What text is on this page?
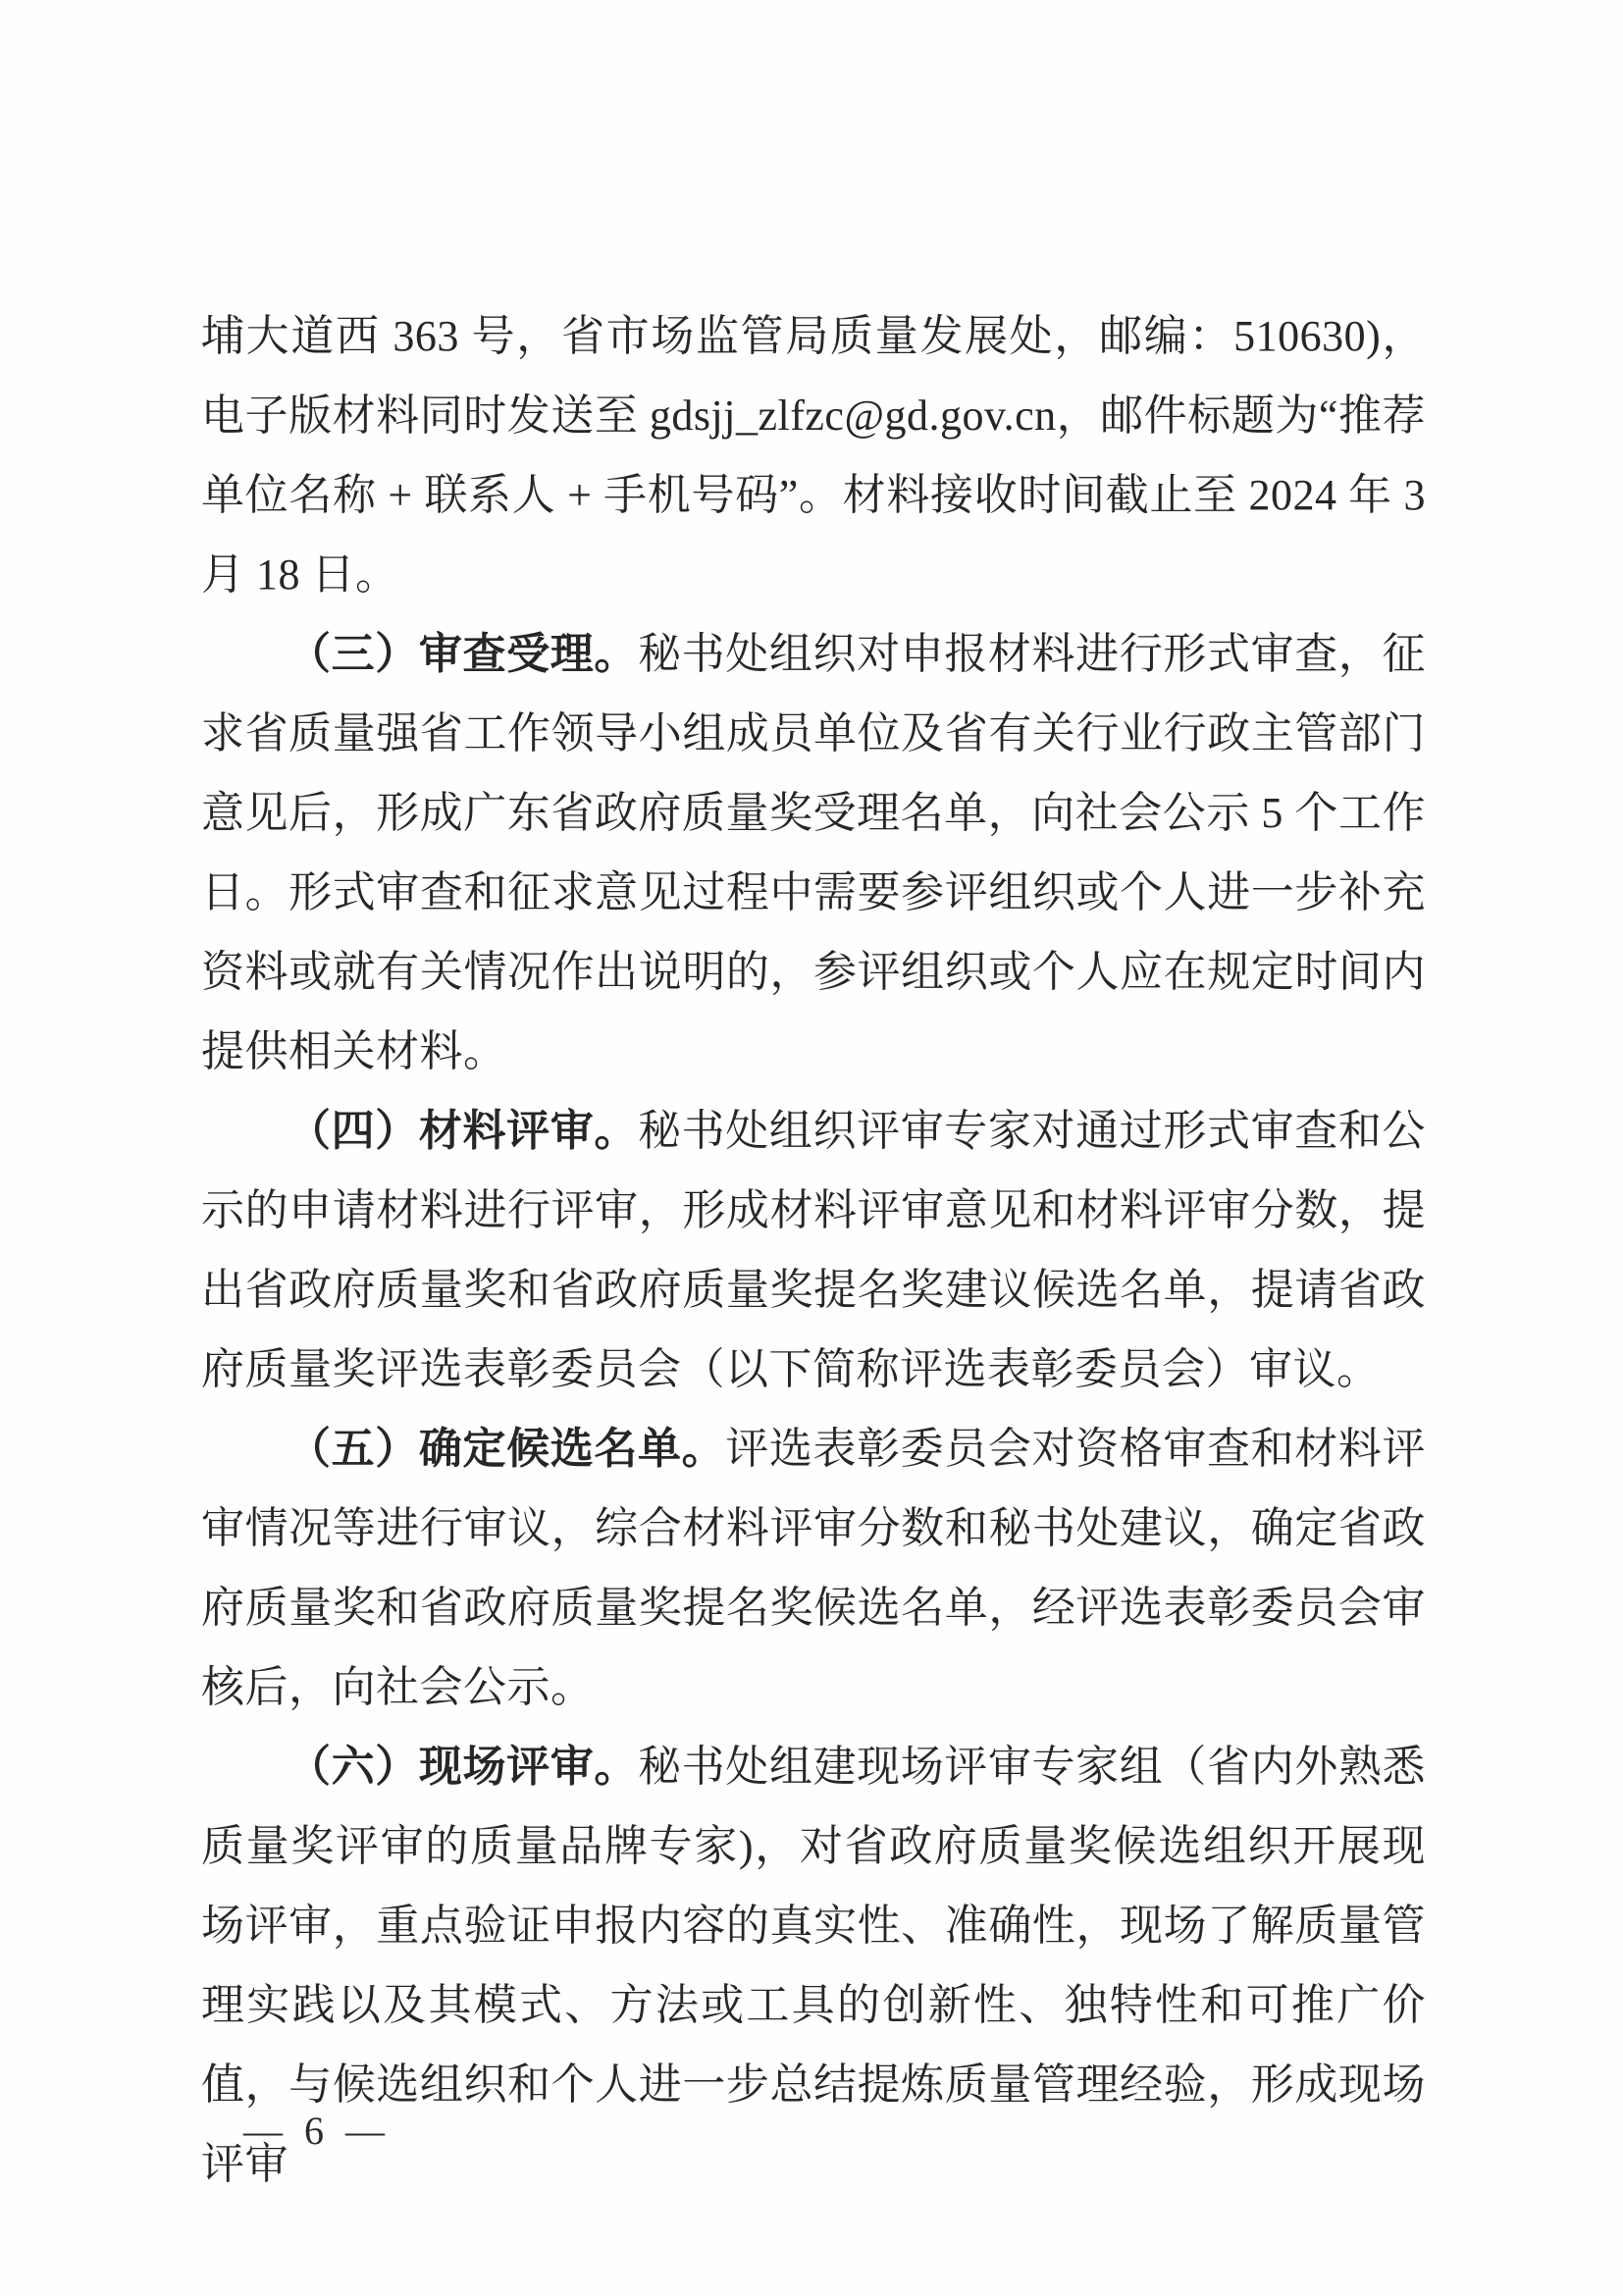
埔大道西 363 号，省市场监管局质量发展处，邮编：510630)，电子版材料同时发送至 gdsjj_zlfzc@gd.gov.cn，邮件标题为“推荐单位名称 + 联系人 + 手机号码”。材料接收时间截止至 2024 年 3 月 18 日。

（三）审查受理。秘书处组织对申报材料进行形式审查，征求省质量强省工作领导小组成员单位及省有关行业行政主管部门意见后，形成广东省政府质量奖受理名单，向社会公示 5 个工作日。形式审查和征求意见过程中需要参评组织或个人进一步补充资料或就有关情况作出说明的，参评组织或个人应在规定时间内提供相关材料。

（四）材料评审。秘书处组织评审专家对通过形式审查和公示的申请材料进行评审，形成材料评审意见和材料评审分数，提出省政府质量奖和省政府质量奖提名奖建议候选名单，提请省政府质量奖评选表彰委员会（以下简称评选表彰委员会）审议。

（五）确定候选名单。评选表彰委员会对资格审查和材料评审情况等进行审议，综合材料评审分数和秘书处建议，确定省政府质量奖和省政府质量奖提名奖候选名单，经评选表彰委员会审核后，向社会公示。

（六）现场评审。秘书处组建现场评审专家组（省内外熟悉质量奖评审的质量品牌专家)，对省政府质量奖候选组织开展现场评审，重点验证申报内容的真实性、准确性，现场了解质量管理实践以及其模式、方法或工具的创新性、独特性和可推广价值，与候选组织和个人进一步总结提炼质量管理经验，形成现场评审

— 6 —
